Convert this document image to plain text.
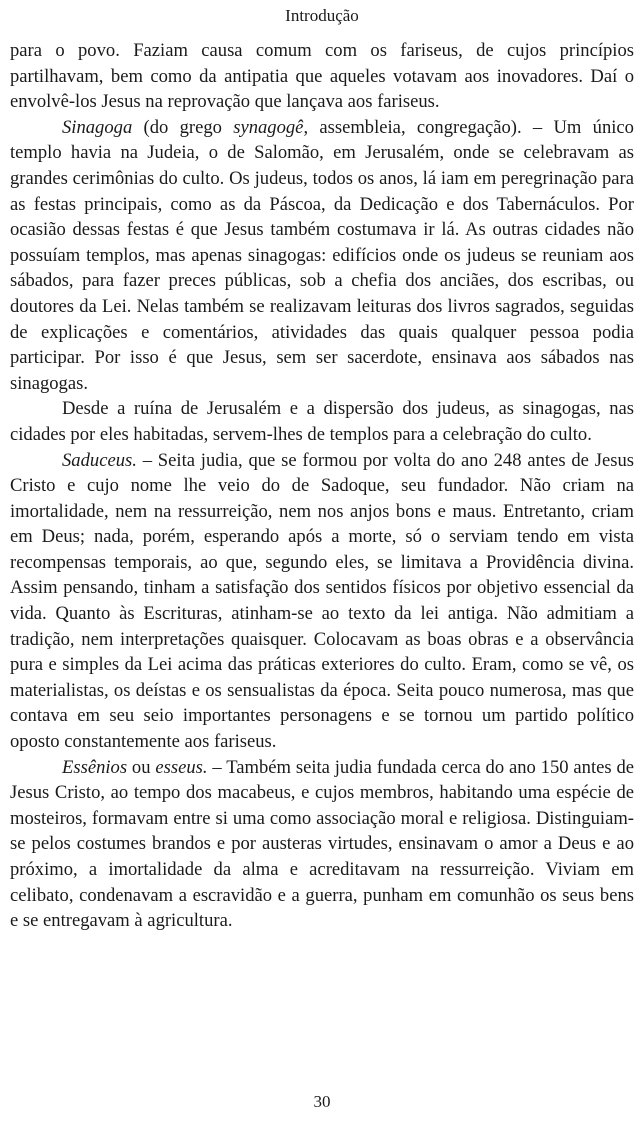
Introdução

para o povo. Faziam causa comum com os fariseus, de cujos princípios partilhavam, bem como da antipatia que aqueles votavam aos inovadores. Daí o envolvê-los Jesus na reprovação que lançava aos fariseus.

Sinagoga (do grego synagogê, assembleia, congregação). – Um único templo havia na Judeia, o de Salomão, em Jerusalém, onde se celebravam as grandes cerimônias do culto. Os judeus, todos os anos, lá iam em peregrinação para as festas principais, como as da Páscoa, da Dedicação e dos Tabernáculos. Por ocasião dessas festas é que Jesus também costumava ir lá. As outras cidades não possuíam templos, mas apenas sinagogas: edifícios onde os judeus se reuniam aos sábados, para fazer preces públicas, sob a chefia dos anciães, dos escribas, ou doutores da Lei. Nelas também se realizavam leituras dos livros sagrados, seguidas de explicações e comentários, atividades das quais qualquer pessoa podia participar. Por isso é que Jesus, sem ser sacerdote, ensinava aos sábados nas sinagogas.

Desde a ruína de Jerusalém e a dispersão dos judeus, as sinagogas, nas cidades por eles habitadas, servem-lhes de templos para a celebração do culto.

Saduceus. – Seita judia, que se formou por volta do ano 248 antes de Jesus Cristo e cujo nome lhe veio do de Sadoque, seu fundador. Não criam na imortalidade, nem na ressurreição, nem nos anjos bons e maus. Entretanto, criam em Deus; nada, porém, esperando após a morte, só o serviam tendo em vista recompensas temporais, ao que, segundo eles, se limitava a Providência divina. Assim pensando, tinham a satisfação dos sentidos físicos por objetivo essencial da vida. Quanto às Escrituras, atinham-se ao texto da lei antiga. Não admitiam a tradição, nem interpretações quaisquer. Colocavam as boas obras e a observância pura e simples da Lei acima das práticas exteriores do culto. Eram, como se vê, os materialistas, os deístas e os sensualistas da época. Seita pouco numerosa, mas que contava em seu seio importantes personagens e se tornou um partido político oposto constantemente aos fariseus.

Essênios ou esseus. – Também seita judia fundada cerca do ano 150 antes de Jesus Cristo, ao tempo dos macabeus, e cujos membros, habitando uma espécie de mosteiros, formavam entre si uma como associação moral e religiosa. Distinguiam-se pelos costumes brandos e por austeras virtudes, ensinavam o amor a Deus e ao próximo, a imortalidade da alma e acreditavam na ressurreição. Viviam em celibato, condenavam a escravidão e a guerra, punham em comunhão os seus bens e se entregavam à agricultura.

30
